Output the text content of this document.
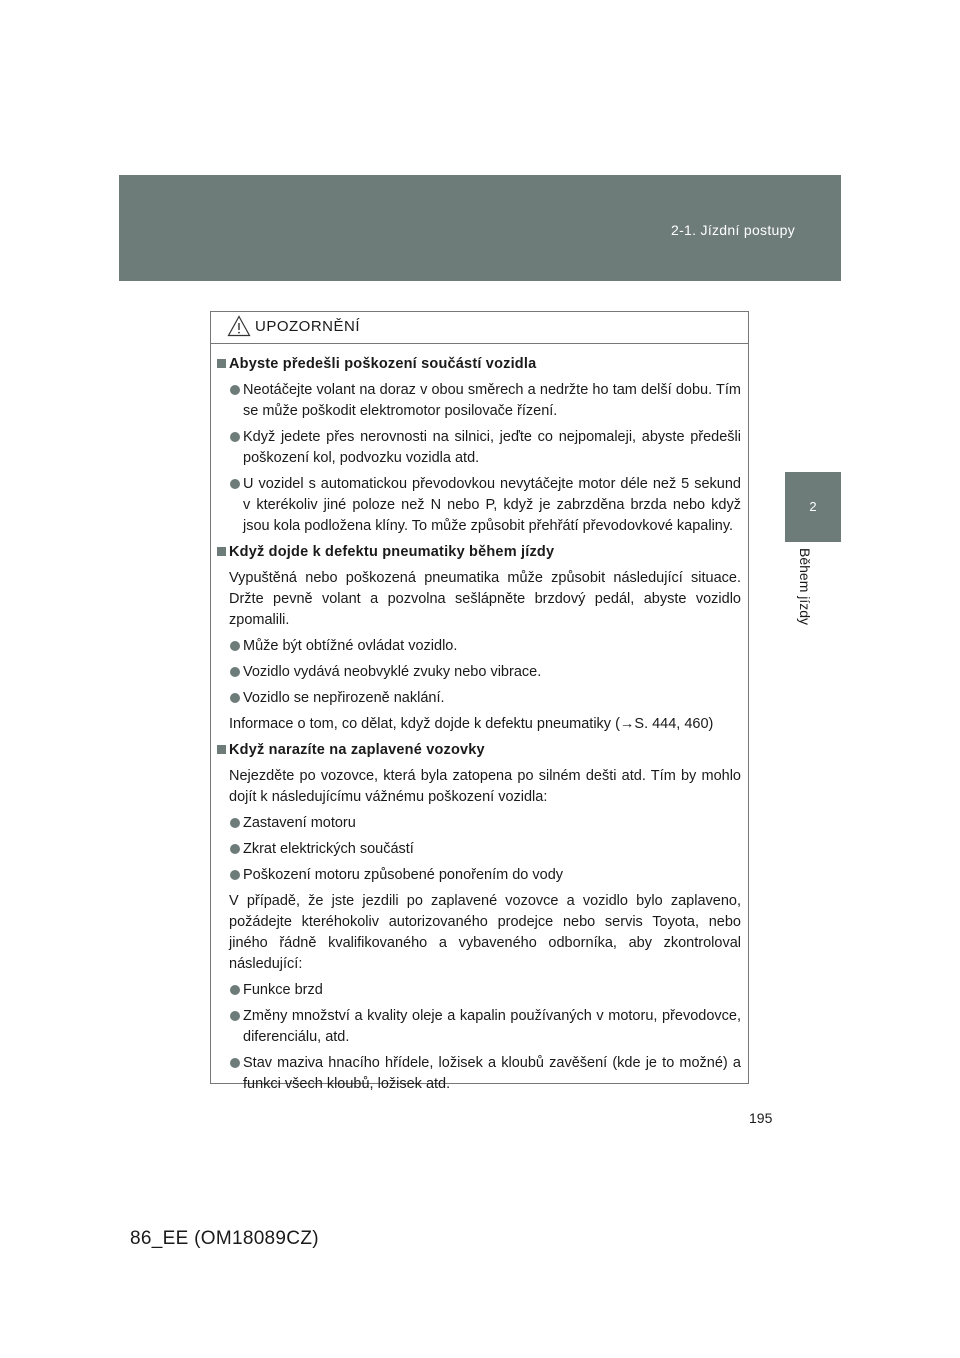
2-1. Jízdní postupy
2
Během jízdy
UPOZORNĚNÍ
Abyste předešli poškození součástí vozidla
Neotáčejte volant na doraz v obou směrech a nedržte ho tam delší dobu. Tím se může poškodit elektromotor posilovače řízení.
Když jedete přes nerovnosti na silnici, jeďte co nejpomaleji, abyste předešli poškození kol, podvozku vozidla atd.
U vozidel s automatickou převodovkou nevytáčejte motor déle než 5 sekund v kterékoliv jiné poloze než N nebo P, když je zabrzděna brzda nebo když jsou kola podložena klíny. To může způsobit přehřátí převodovkové kapaliny.
Když dojde k defektu pneumatiky během jízdy
Vypuštěná nebo poškozená pneumatika může způsobit následující situace. Držte pevně volant a pozvolna sešlápněte brzdový pedál, abyste vozidlo zpomalili.
Může být obtížné ovládat vozidlo.
Vozidlo vydává neobvyklé zvuky nebo vibrace.
Vozidlo se nepřirozeně naklání.
Informace o tom, co dělat, když dojde k defektu pneumatiky (→S. 444, 460)
Když narazíte na zaplavené vozovky
Nejezděte po vozovce, která byla zatopena po silném dešti atd. Tím by mohlo dojít k následujícímu vážnému poškození vozidla:
Zastavení motoru
Zkrat elektrických součástí
Poškození motoru způsobené ponořením do vody
V případě, že jste jezdili po zaplavené vozovce a vozidlo bylo zaplaveno, požádejte kteréhokoliv autorizovaného prodejce nebo servis Toyota, nebo jiného řádně kvalifikovaného a vybaveného odborníka, aby zkontroloval následující:
Funkce brzd
Změny množství a kvality oleje a kapalin používaných v motoru, převodovce, diferenciálu, atd.
Stav maziva hnacího hřídele, ložisek a kloubů zavěšení (kde je to možné) a funkci všech kloubů, ložisek atd.
195
86_EE (OM18089CZ)
